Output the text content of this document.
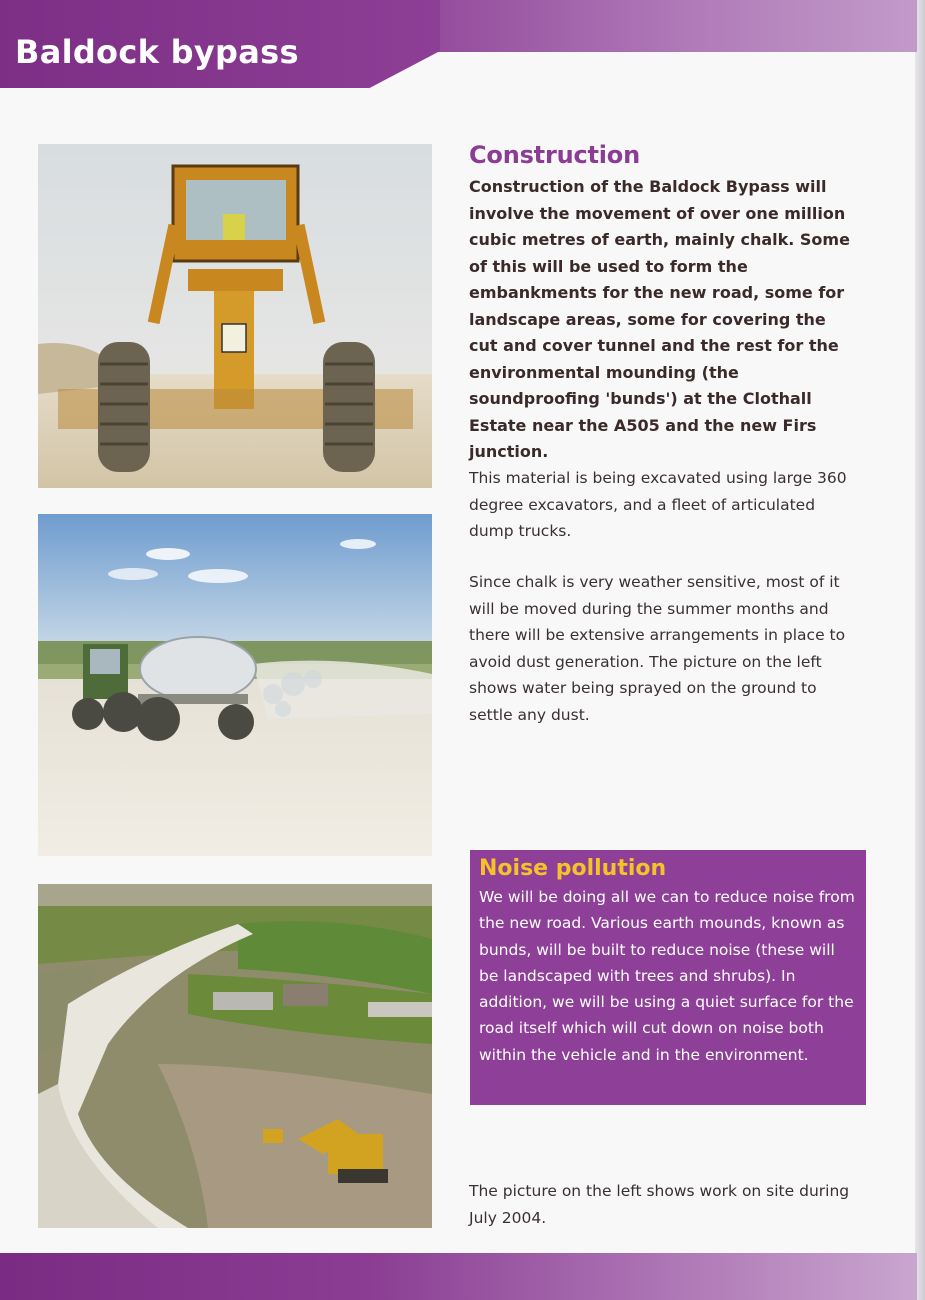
Baldock bypass
Construction
Construction of the Baldock Bypass will involve the movement of over one million cubic metres of earth, mainly chalk. Some of this will be used to form the embankments for the new road, some for landscape areas, some for covering the cut and cover tunnel and the rest for the environmental mounding (the soundproofing 'bunds') at the Clothall Estate near the A505 and the new Firs junction.
This material is being excavated using large 360 degree excavators, and a fleet of articulated dump trucks.
Since chalk is very weather sensitive, most of it will be moved during the summer months and there will be extensive arrangements in place to avoid dust generation. The picture on the left shows water being sprayed on the ground to settle any dust.
Noise pollution
We will be doing all we can to reduce noise from the new road. Various earth mounds, known as bunds, will be built to reduce noise (these will be landscaped with trees and shrubs). In addition, we will be using a quiet surface for the road itself which will cut down on noise both within the vehicle and in the environment.
The picture on the left shows work on site during July 2004.
